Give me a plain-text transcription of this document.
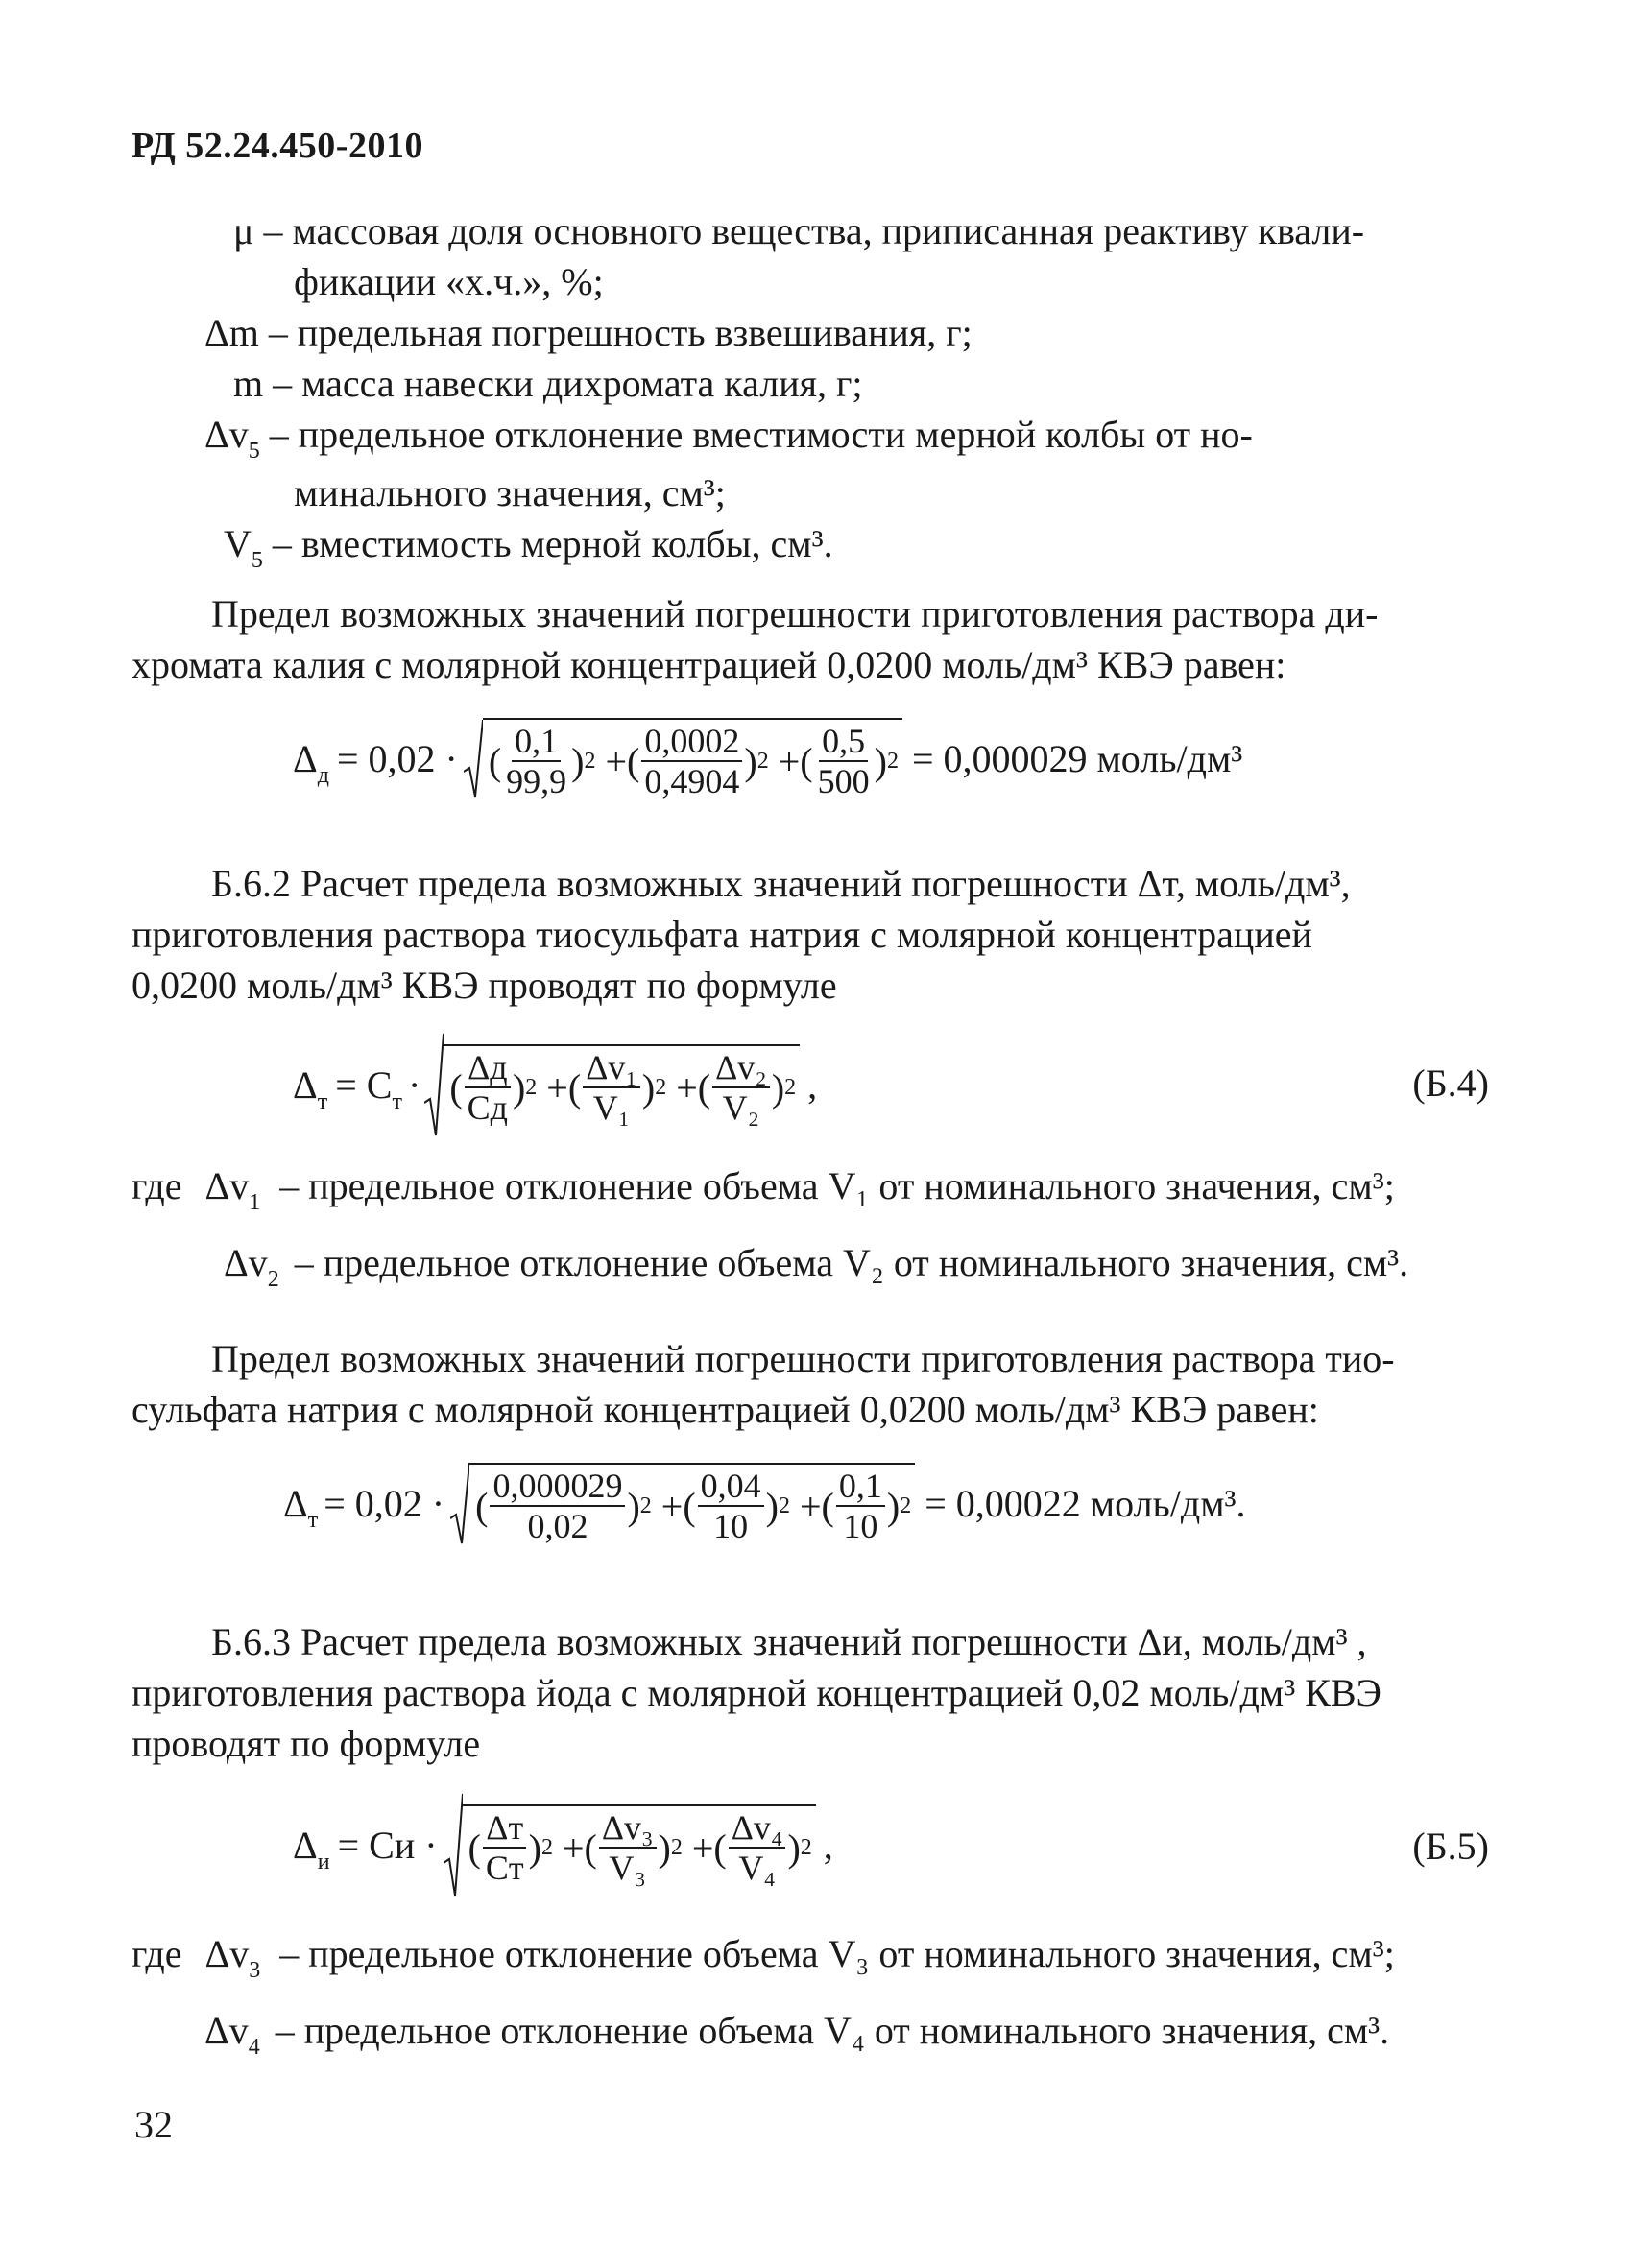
РД 52.24.450-2010
μ – массовая доля основного вещества, приписанная реактиву квали-
фикации «х.ч.», %;
Δm – предельная погрешность взвешивания, г;
m – масса навески дихромата калия, г;
$\Delta v_5$ – предельное отклонение вместимости мерной колбы от но-
минального значения, см³;
$V_5$ – вместимость мерной колбы, см³.
Предел возможных значений погрешности приготовления раствора ди-
хромата калия с молярной концентрацией 0,0200 моль/дм³ КВЭ равен:
$\Delta_д = 0,02$ · ( $\frac{0,1}{99,9}$ ) 2 +( $\frac{0,0002}{0,4904}$ ) 2 +( $\frac{0,5}{500}$ ) 2 = 0,000029 моль/дм³
Б.6.2 Расчет предела возможных значений погрешности Δт, моль/дм³,
приготовления раствора тиосульфата натрия с молярной концентрацией
0,0200 моль/дм³ КВЭ проводят по формуле
$\Delta_т = C_т$ · ( $\frac{\Delta д}{Cд}$ ) 2 +( $\frac{\text{Δv₁}}{\text{V₁}}$ ) 2 +( $\frac{\text{Δv₂}}{\text{V₂}}$ ) 2 ,	(Б.4)
где $\Delta v_1$ – предельное отклонение объема V₁ от номинального значения, см³;
$\Delta v_2$ – предельное отклонение объема V₂ от номинального значения, см³.
Предел возможных значений погрешности приготовления раствора тио-
сульфата натрия с молярной концентрацией 0,0200 моль/дм³ КВЭ равен:
$\Delta_т = 0,02$ · ( $\frac{0,000029}{0,02}$ ) 2 +( $\frac{0,04}{10}$ ) 2 +( $\frac{0,1}{10}$ ) 2 = 0,00022 моль/дм³.
Б.6.3 Расчет предела возможных значений погрешности Δи, моль/дм³ ,
приготовления раствора йода с молярной концентрацией 0,02 моль/дм³ КВЭ
проводят по формуле
$\Delta_и$ = Cи · ( $\frac{\Delta т}{Cт}$ ) 2 +( $\frac{\text{Δv₃}}{\text{V₃}}$ ) 2 +( $\frac{\text{Δv₄}}{\text{V₄}}$ ) 2 ,	(Б.5)
где $\Delta v_3$ – предельное отклонение объема V₃ от номинального значения, см³;
$\Delta v_4$ – предельное отклонение объема V₄ от номинального значения, см³.
32
